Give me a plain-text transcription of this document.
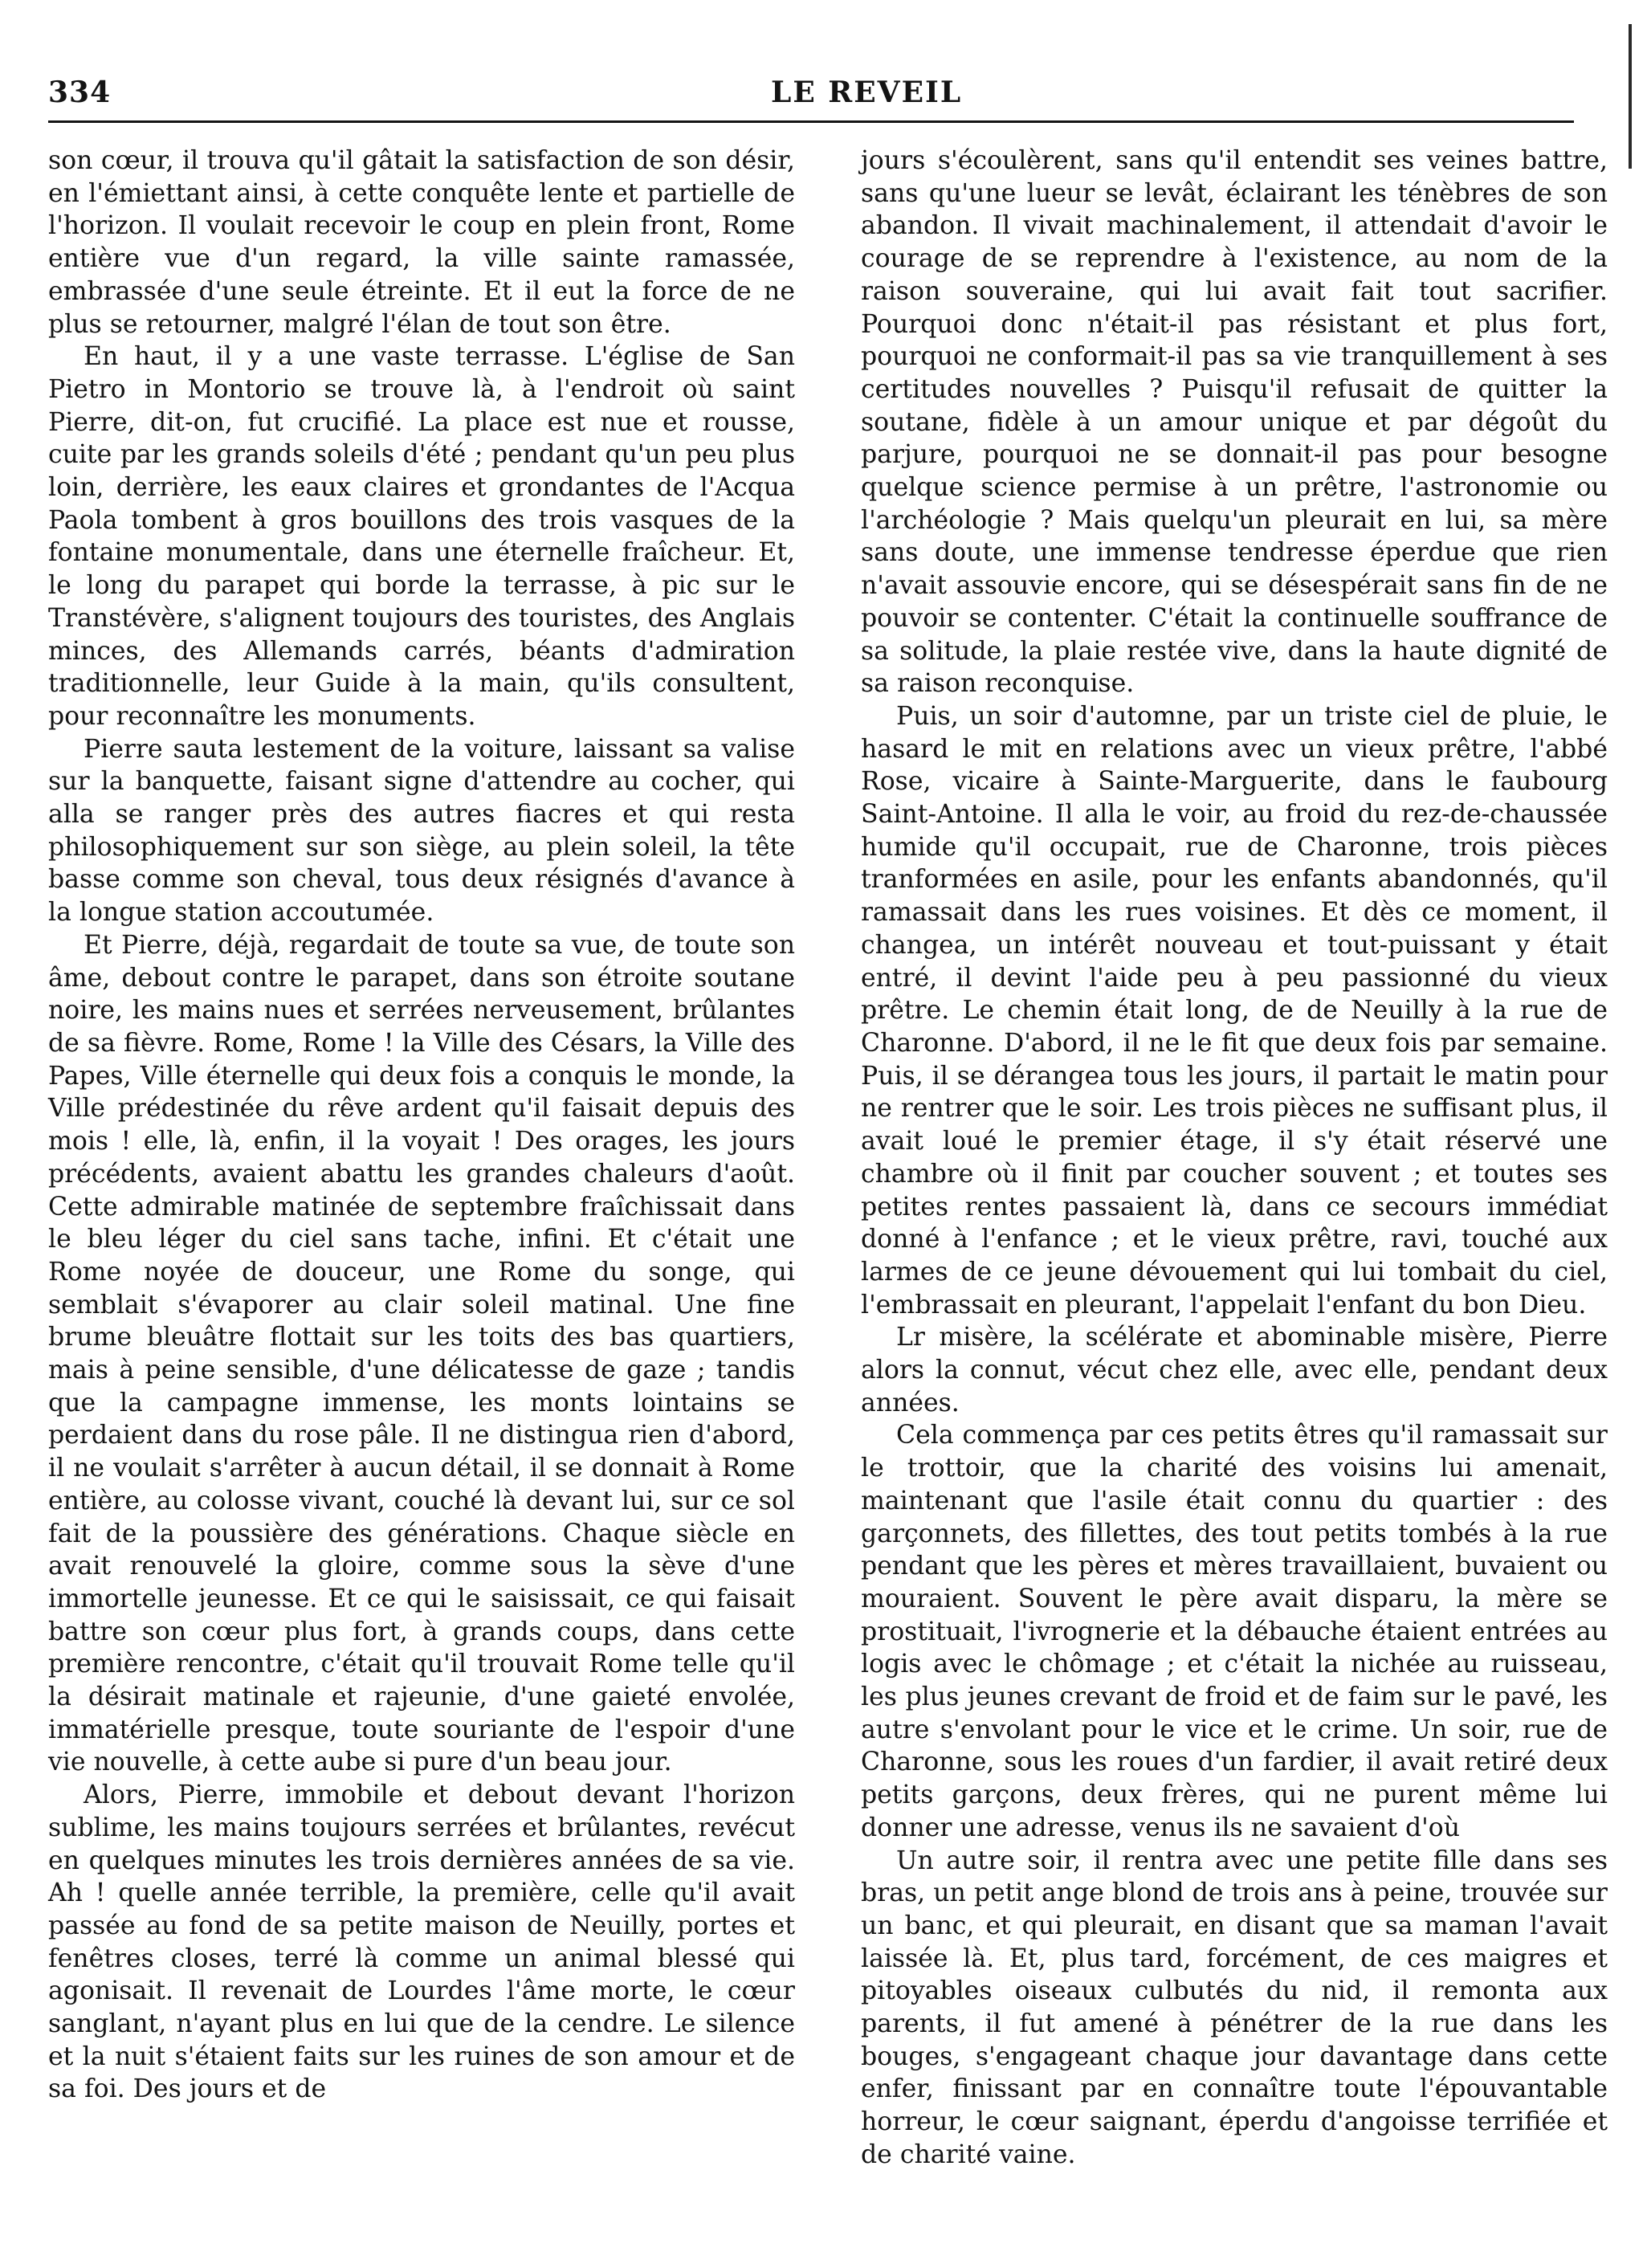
334	LE REVEIL

son cœur, il trouva qu'il gâtait la satisfaction de son désir, en l'émiettant ainsi, à cette conquête lente et partielle de l'horizon. Il voulait recevoir le coup en plein front, Rome entière vue d'un regard, la ville sainte ramassée, embrassée d'une seule étreinte. Et il eut la force de ne plus se retourner, malgré l'élan de tout son être.

En haut, il y a une vaste terrasse. L'église de San Pietro in Montorio se trouve là, à l'endroit où saint Pierre, dit-on, fut crucifié. La place est nue et rousse, cuite par les grands soleils d'été ; pendant qu'un peu plus loin, derrière, les eaux claires et grondantes de l'Acqua Paola tombent à gros bouillons des trois vasques de la fontaine monumentale, dans une éternelle fraîcheur. Et, le long du parapet qui borde la terrasse, à pic sur le Transtévère, s'alignent toujours des touristes, des Anglais minces, des Allemands carrés, béants d'admiration traditionnelle, leur Guide à la main, qu'ils consultent, pour reconnaître les monuments.

Pierre sauta lestement de la voiture, laissant sa valise sur la banquette, faisant signe d'attendre au cocher, qui alla se ranger près des autres fiacres et qui resta philosophiquement sur son siège, au plein soleil, la tête basse comme son cheval, tous deux résignés d'avance à la longue station accoutumée.

Et Pierre, déjà, regardait de toute sa vue, de toute son âme, debout contre le parapet, dans son étroite soutane noire, les mains nues et serrées nerveusement, brûlantes de sa fièvre. Rome, Rome ! la Ville des Césars, la Ville des Papes, Ville éternelle qui deux fois a conquis le monde, la Ville prédestinée du rêve ardent qu'il faisait depuis des mois ! elle, là, enfin, il la voyait ! Des orages, les jours précédents, avaient abattu les grandes chaleurs d'août. Cette admirable matinée de septembre fraîchissait dans le bleu léger du ciel sans tache, infini. Et c'était une Rome noyée de douceur, une Rome du songe, qui semblait s'évaporer au clair soleil matinal. Une fine brume bleuâtre flottait sur les toits des bas quartiers, mais à peine sensible, d'une délicatesse de gaze ; tandis que la campagne immense, les monts lointains se perdaient dans du rose pâle. Il ne distingua rien d'abord, il ne voulait s'arrêter à aucun détail, il se donnait à Rome entière, au colosse vivant, couché là devant lui, sur ce sol fait de la poussière des générations. Chaque siècle en avait renouvelé la gloire, comme sous la sève d'une immortelle jeunesse. Et ce qui le saisissait, ce qui faisait battre son cœur plus fort, à grands coups, dans cette première rencontre, c'était qu'il trouvait Rome telle qu'il la désirait matinale et rajeunie, d'une gaieté envolée, immatérielle presque, toute souriante de l'espoir d'une vie nouvelle, à cette aube si pure d'un beau jour.

Alors, Pierre, immobile et debout devant l'horizon sublime, les mains toujours serrées et brûlantes, revécut en quelques minutes les trois dernières années de sa vie. Ah ! quelle année terrible, la première, celle qu'il avait passée au fond de sa petite maison de Neuilly, portes et fenêtres closes, terré là comme un animal blessé qui agonisait. Il revenait de Lourdes l'âme morte, le cœur sanglant, n'ayant plus en lui que de la cendre. Le silence et la nuit s'étaient faits sur les ruines de son amour et de sa foi. Des jours et de

jours s'écoulèrent, sans qu'il entendit ses veines battre, sans qu'une lueur se levât, éclairant les ténèbres de son abandon. Il vivait machinalement, il attendait d'avoir le courage de se reprendre à l'existence, au nom de la raison souveraine, qui lui avait fait tout sacrifier. Pourquoi donc n'était-il pas résistant et plus fort, pourquoi ne conformait-il pas sa vie tranquillement à ses certitudes nouvelles ? Puisqu'il refusait de quitter la soutane, fidèle à un amour unique et par dégoût du parjure, pourquoi ne se donnait-il pas pour besogne quelque science permise à un prêtre, l'astronomie ou l'archéologie ? Mais quelqu'un pleurait en lui, sa mère sans doute, une immense tendresse éperdue que rien n'avait assouvie encore, qui se désespérait sans fin de ne pouvoir se contenter. C'était la continuelle souffrance de sa solitude, la plaie restée vive, dans la haute dignité de sa raison reconquise.

Puis, un soir d'automne, par un triste ciel de pluie, le hasard le mit en relations avec un vieux prêtre, l'abbé Rose, vicaire à Sainte-Marguerite, dans le faubourg Saint-Antoine. Il alla le voir, au froid du rez-de-chaussée humide qu'il occupait, rue de Charonne, trois pièces tranformées en asile, pour les enfants abandonnés, qu'il ramassait dans les rues voisines. Et dès ce moment, il changea, un intérêt nouveau et tout-puissant y était entré, il devint l'aide peu à peu passionné du vieux prêtre. Le chemin était long, de de Neuilly à la rue de Charonne. D'abord, il ne le fit que deux fois par semaine. Puis, il se dérangea tous les jours, il partait le matin pour ne rentrer que le soir. Les trois pièces ne suffisant plus, il avait loué le premier étage, il s'y était réservé une chambre où il finit par coucher souvent ; et toutes ses petites rentes passaient là, dans ce secours immédiat donné à l'enfance ; et le vieux prêtre, ravi, touché aux larmes de ce jeune dévouement qui lui tombait du ciel, l'embrassait en pleurant, l'appelait l'enfant du bon Dieu.

Lr misère, la scélérate et abominable misère, Pierre alors la connut, vécut chez elle, avec elle, pendant deux années.

Cela commença par ces petits êtres qu'il ramassait sur le trottoir, que la charité des voisins lui amenait, maintenant que l'asile était connu du quartier : des garçonnets, des fillettes, des tout petits tombés à la rue pendant que les pères et mères travaillaient, buvaient ou mouraient. Souvent le père avait disparu, la mère se prostituait, l'ivrognerie et la débauche étaient entrées au logis avec le chômage ; et c'était la nichée au ruisseau, les plus jeunes crevant de froid et de faim sur le pavé, les autre s'envolant pour le vice et le crime. Un soir, rue de Charonne, sous les roues d'un fardier, il avait retiré deux petits garçons, deux frères, qui ne purent même lui donner une adresse, venus ils ne savaient d'où

Un autre soir, il rentra avec une petite fille dans ses bras, un petit ange blond de trois ans à peine, trouvée sur un banc, et qui pleurait, en disant que sa maman l'avait laissée là. Et, plus tard, forcément, de ces maigres et pitoyables oiseaux culbutés du nid, il remonta aux parents, il fut amené à pénétrer de la rue dans les bouges, s'engageant chaque jour davantage dans cette enfer, finissant par en connaître toute l'épouvantable horreur, le cœur saignant, éperdu d'angoisse terrifiée et de charité vaine.
